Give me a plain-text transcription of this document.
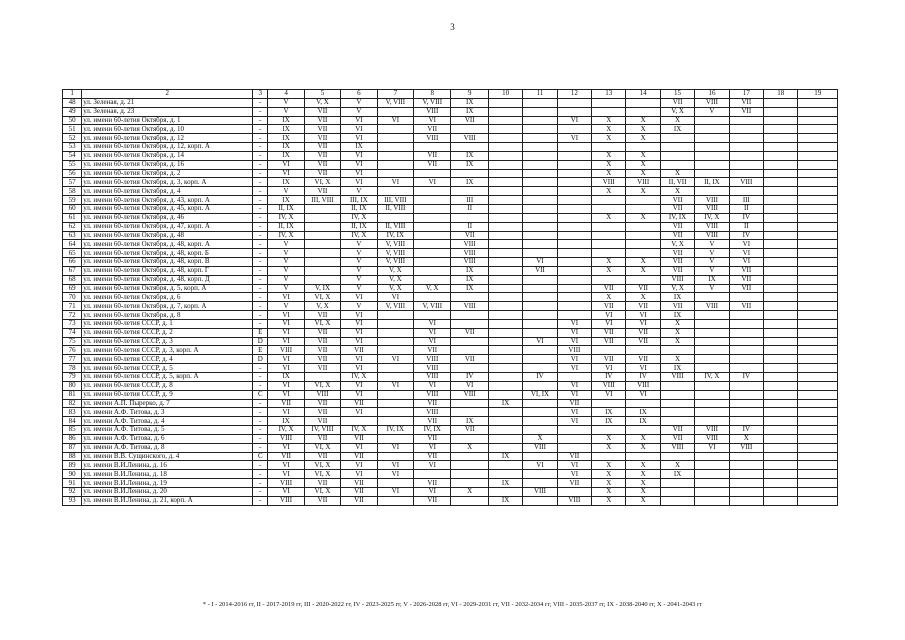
3
1	2	3	4	5	6	7	8	9	10	11	12	13	14	15	16	17	18	19
48	ул. Зеленая, д. 21	-	V	V, X	V	V, VIII	V, VIII	IX						VII	VIII	VII		
49	ул. Зеленая, д. 23	-	V	VII	V		VIII	IX						V, X	V	VII		
50	ул. имени 60-летия Октября, д. 1	-	IX	VII	VI	VI	VI	VII			VI	X	X	X				
51	ул. имени 60-летия Октября, д. 10	-	IX	VII	VI		VII					X	X	IX				
52	ул. имени 60-летия Октября, д. 12	-	IX	VII	VI		VIII	VIII			VI	X	X					
53	ул. имени 60-летия Октября, д. 12, корп. А	-	IX	VII	IX													
54	ул. имени 60-летия Октября, д. 14	-	IX	VII	VI		VII	IX				X	X					
55	ул. имени 60-летия Октября, д. 16	-	VI	VII	VI		VII	IX				X	X					
56	ул. имени 60-летия Октября, д. 2	-	VI	VII	VI							X	X	X				
57	ул. имени 60-летия Октября, д. 3, корп. А	-	IX	VI, X	VI	VI	VI	IX				VIII	VIII	II, VII	II, IX	VIII		
58	ул. имени 60-летия Октября, д. 4	-	V	VII	V							X	X	X				
59	ул. имени 60-летия Октября, д. 43, корп. А	-	IX	III, VIII	III, IX	III, VIII		III						VII	VIII	III		
60	ул. имени 60-летия Октября, д. 45, корп. А	-	II, IX		II, IX	II, VIII		II						VII	VIII	II		
61	ул. имени 60-летия Октября, д. 46	-	IV, X		IV, X							X	X	IV, IX	IV, X	IV		
62	ул. имени 60-летия Октября, д. 47, корп. А	-	II, IX		II, IX	II, VIII		II						VII	VIII	II		
63	ул. имени 60-летия Октября, д. 48	-	IV, X		IV, X	IV, IX		VII						VII	VIII	IV		
64	ул. имени 60-летия Октября, д. 48, корп. А	-	V		V	V, VIII		VIII						V, X	V	VI		
65	ул. имени 60-летия Октября, д. 48, корп. Б	-	V		V	V, VIII		VIII						VII	V	VI		
66	ул. имени 60-летия Октября, д. 48, корп. В	-	V		V	V, VIII		VIII		VI		X	X	VII	V	VI		
67	ул. имени 60-летия Октября, д. 48, корп. Г	-	V		V	V, X		IX		VII		X	X	VII	V	VII		
68	ул. имени 60-летия Октября, д. 48, корп. Д	-	V		V	V, X		IX						VIII	IX	VII		
69	ул. имени 60-летия Октября, д. 5, корп. А	-	V	V, IX	V	V, X	V, X	IX				VII	VII	V, X	V	VII		
70	ул. имени 60-летия Октября, д. 6	-	VI	VI, X	VI	VI						X	X	IX				
71	ул. имени 60-летия Октября, д. 7, корп. А	-	V	V, X	V	V, VIII	V, VIII	VIII				VII	VII	VII	VIII	VII		
72	ул. имени 60-летия Октября, д. 8	-	VI	VII	VI							VI	VI	IX				
73	ул. имени 60-летия СССР, д. 1	-	VI	VI, X	VI		VI				VI	VI	VI	X				
74	ул. имени 60-летия СССР, д. 2	E	VI	VII	VI		VI	VII			VI	VII	VII	X				
75	ул. имени 60-летия СССР, д. 3	D	VI	VII	VI		VI			VI	VI	VII	VII	X				
76	ул. имени 60-летия СССР, д. 3, корп. А	E	VIII	VII	VII		VII				VIII							
77	ул. имени 60-летия СССР, д. 4	D	VI	VII	VI	VI	VIII	VII			VI	VII	VII	X				
78	ул. имени 60-летия СССР, д. 5	-	VI	VII	VI		VIII				VI	VI	VI	IX				
79	ул. имени 60-летия СССР, д. 5, корп. А	-	IX		IV, X		VIII	IV		IV		IV	IV	VIII	IV, X	IV		
80	ул. имени 60-летия СССР, д. 8	-	VI	VI, X	VI	VI	VI	VI			VI	VIII	VIII					
81	ул. имени 60-летия СССР, д. 9	C	VI	VIII	VI		VIII	VIII		VI, IX	VI	VI	VI					
82	ул. имени А.П. Пырерко, д. 7	-	VII	VII	VII		VII		IX		VII							
83	ул. имени А.Ф. Титова, д. 3	-	VI	VII	VI		VIII				VI	IX	IX					
84	ул. имени А.Ф. Титова, д. 4	-	IX	VII			VII	IX			VI	IX	IX					
85	ул. имени А.Ф. Титова, д. 5	-	IV, X	IV, VIII	IV, X	IV, IX	IV, IX	VII						VII	VIII	IV		
86	ул. имени А.Ф. Титова, д. 6	-	VIII	VII	VII		VII			X		X	X	VII	VIII	X		
87	ул. имени А.Ф. Титова, д. 8	-	VI	VI, X	VI	VI	VI	X		VIII		X	X	VIII	VI	VIII		
88	ул. имени В.В. Сущинского, д. 4	C	VII	VII	VII		VII		IX		VII							
89	ул. имени В.И.Ленина, д. 16	-	VI	VI, X	VI	VI	VI			VI	VI	X	X	X				
90	ул. имени В.И.Ленина, д. 18	-	VI	VI, X	VI	VI					VI	X	X	IX				
91	ул. имени В.И.Ленина, д. 19	-	VIII	VII	VII		VII		IX		VII	X	X					
92	ул. имени В.И.Ленина, д. 20	-	VI	VI, X	VII	VI	VI	X		VIII		X	X					
93	ул. имени В.И.Ленина, д. 21, корп. А	-	VIII	VII	VII		VII		IX		VIII	X	X					
* - I - 2014-2016 гг, II - 2017-2019 гг, III - 2020-2022 гг, IV - 2023-2025 гг, V - 2026-2028 гг, VI - 2029-2031 гг, VII - 2032-2034 гг, VIII - 2035-2037 гг, IX - 2038-2040 гг, X - 2041-2043 гг
